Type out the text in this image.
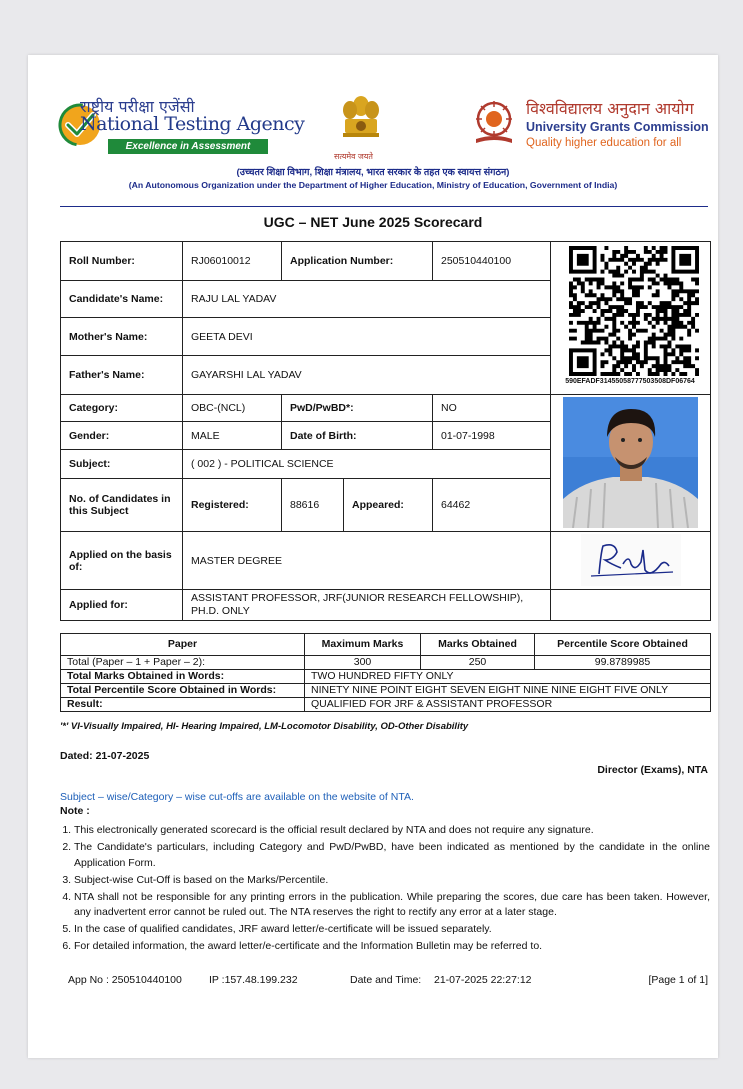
राष्ट्रीय परीक्षा एजेंसी
National Testing Agency
Excellence in Assessment
सत्यमेव जयते
विश्वविद्यालय अनुदान आयोग
University Grants Commission
Quality higher education for all
(उच्चतर शिक्षा विभाग, शिक्षा मंत्रालय, भारत सरकार के तहत एक स्वायत्त संगठन)
(An Autonomous Organization under the Department of Higher Education, Ministry of Education, Government of India)
UGC – NET June 2025 Scorecard
Roll Number:	RJ06010012	Application Number:		250510440100	590EFADF31455058777503508DF06764

Candidate's Name:	RAJU LAL YADAV				
Mother's Name:	GEETA DEVI				
Father's Name:	GAYARSHI LAL YADAV				
Category:	OBC-(NCL)	PwD/PwBD*:		NO	
Gender:	MALE	Date of Birth:		01-07-1998	
Subject:	( 002 ) - POLITICAL SCIENCE				
No. of Candidates in this Subject	Registered:	88616	Appeared:	64462	
Applied on the basis of:	MASTER DEGREE	
Applied for:	ASSISTANT PROFESSOR, JRF(JUNIOR RESEARCH FELLOWSHIP), PH.D. ONLY				
Paper	Maximum Marks	Marks Obtained	Percentile Score Obtained
Total (Paper – 1 + Paper – 2):	300	250	99.8789985
Total Marks Obtained in Words:	TWO HUNDRED FIFTY ONLY		
Total Percentile Score Obtained in Words:	NINETY NINE POINT EIGHT SEVEN EIGHT NINE NINE EIGHT FIVE ONLY		
Result:	QUALIFIED FOR JRF & ASSISTANT PROFESSOR		
'*' VI-Visually Impaired, HI- Hearing Impaired, LM-Locomotor Disability, OD-Other Disability
Dated: 21-07-2025
Director (Exams), NTA
Subject – wise/Category – wise cut-offs are available on the website of NTA.
Note :
1. This electronically generated scorecard is the official result declared by NTA and does not require any signature.
2. The Candidate's particulars, including Category and PwD/PwBD, have been indicated as mentioned by the candidate in the online Application Form.
3. Subject-wise Cut-Off is based on the Marks/Percentile.
4. NTA shall not be responsible for any printing errors in the publication. While preparing the scores, due care has been taken. However, any inadvertent error cannot be ruled out. The NTA reserves the right to rectify any error at a later stage.
5. In the case of qualified candidates, JRF award letter/e-certificate will be issued separately.
6. For detailed information, the award letter/e-certificate and the Information Bulletin may be referred to.
App No : 250510440100	IP :157.48.199.232	Date and Time: 21-07-2025 22:27:12	[Page 1 of 1]
